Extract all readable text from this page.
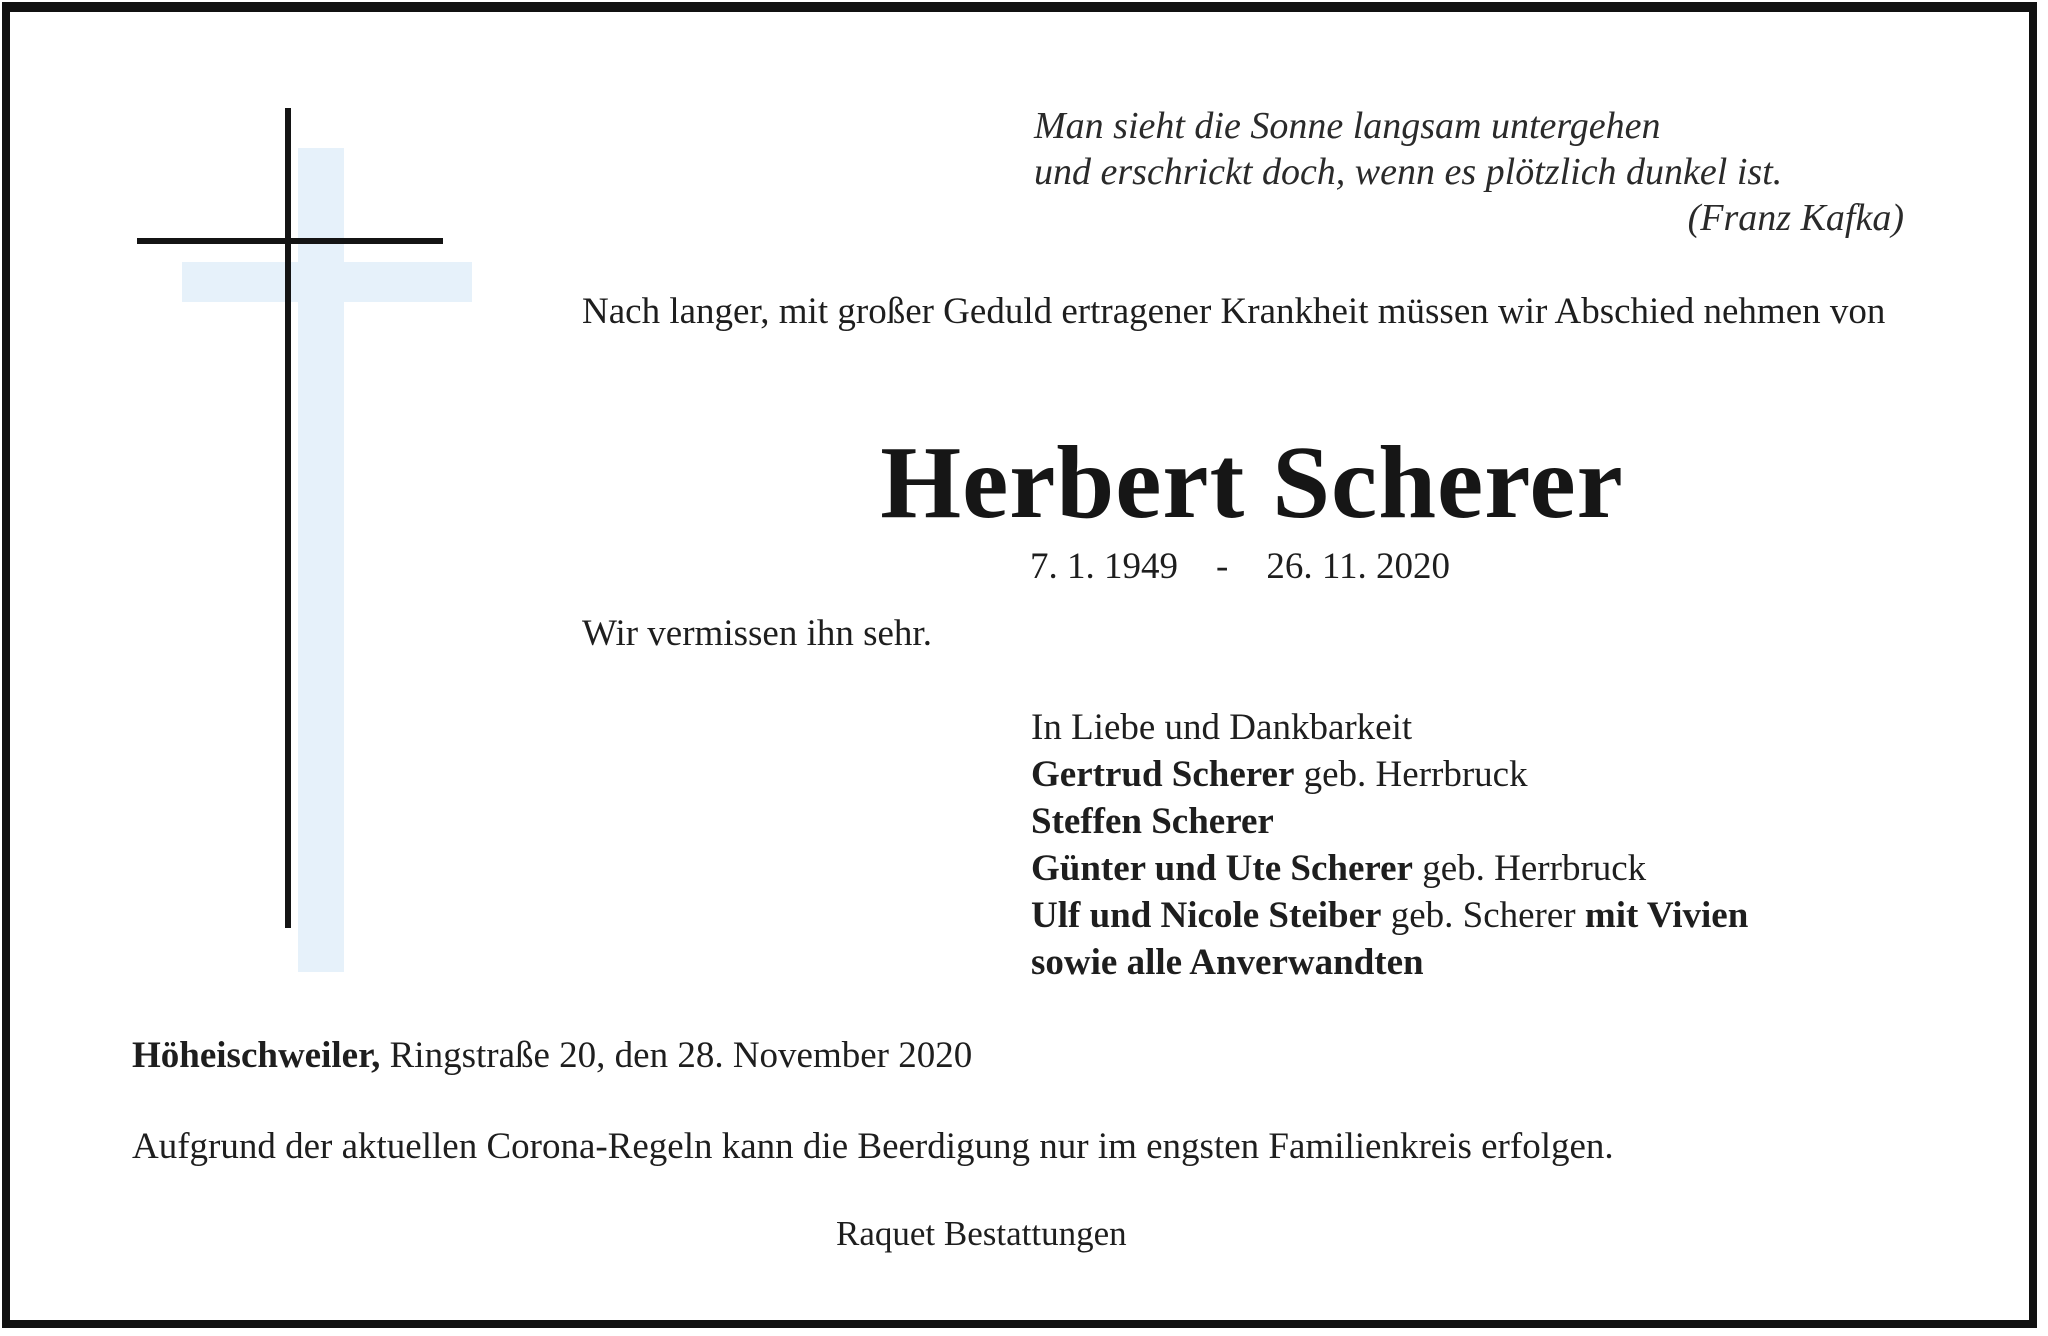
Man sieht die Sonne langsam untergehen
und erschrickt doch, wenn es plötzlich dunkel ist.
(Franz Kafka)
Nach langer, mit großer Geduld ertragener Krankheit müssen wir Abschied nehmen von
Herbert Scherer
7. 1. 1949 - 26. 11. 2020
Wir vermissen ihn sehr.
In Liebe und Dankbarkeit
Gertrud Scherer geb. Herrbruck
Steffen Scherer
Günter und Ute Scherer geb. Herrbruck
Ulf und Nicole Steiber geb. Scherer mit Vivien
sowie alle Anverwandten
Höheischweiler, Ringstraße 20, den 28. November 2020
Aufgrund der aktuellen Corona-Regeln kann die Beerdigung nur im engsten Familienkreis erfolgen.
Raquet Bestattungen
